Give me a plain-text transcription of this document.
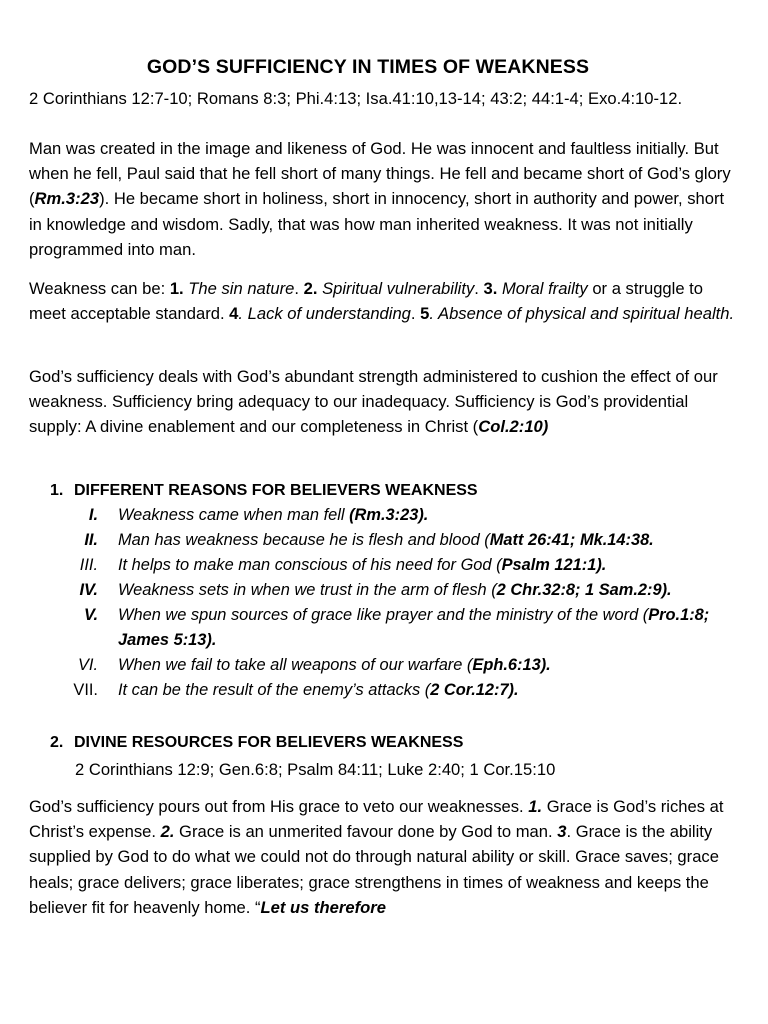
GOD’S SUFFICIENCY IN TIMES OF WEAKNESS

2 Corinthians 12:7-10; Romans 8:3; Phi.4:13; Isa.41:10,13-14; 43:2; 44:1-4; Exo.4:10-12.

Man was created in the image and likeness of God. He was innocent and faultless initially. But when he fell, Paul said that he fell short of many things. He fell and became short of God’s glory (Rm.3:23). He became short in holiness, short in innocency, short in authority and power, short in knowledge and wisdom. Sadly, that was how man inherited weakness. It was not initially programmed into man.

Weakness can be: 1. The sin nature. 2. Spiritual vulnerability. 3. Moral frailty or a struggle to meet acceptable standard. 4. Lack of understanding. 5. Absence of physical and spiritual health.

God’s sufficiency deals with God’s abundant strength administered to cushion the effect of our weakness. Sufficiency bring adequacy to our inadequacy. Sufficiency is God’s providential supply: A divine enablement and our completeness in Christ (Col.2:10)

1. DIFFERENT REASONS FOR BELIEVERS WEAKNESS
I. Weakness came when man fell (Rm.3:23).
II. Man has weakness because he is flesh and blood (Matt 26:41; Mk.14:38.
III. It helps to make man conscious of his need for God (Psalm 121:1).
IV. Weakness sets in when we trust in the arm of flesh (2 Chr.32:8; 1 Sam.2:9).
V. When we spun sources of grace like prayer and the ministry of the word (Pro.1:8; James 5:13).
VI. When we fail to take all weapons of our warfare (Eph.6:13).
VII. It can be the result of the enemy’s attacks (2 Cor.12:7).
2. DIVINE RESOURCES FOR BELIEVERS WEAKNESS
2 Corinthians 12:9; Gen.6:8; Psalm 84:11; Luke 2:40; 1 Cor.15:10

God’s sufficiency pours out from His grace to veto our weaknesses. 1. Grace is God’s riches at Christ’s expense. 2. Grace is an unmerited favour done by God to man. 3. Grace is the ability supplied by God to do what we could not do through natural ability or skill. Grace saves; grace heals; grace delivers; grace liberates; grace strengthens in times of weakness and keeps the believer fit for heavenly home. “Let us therefore
